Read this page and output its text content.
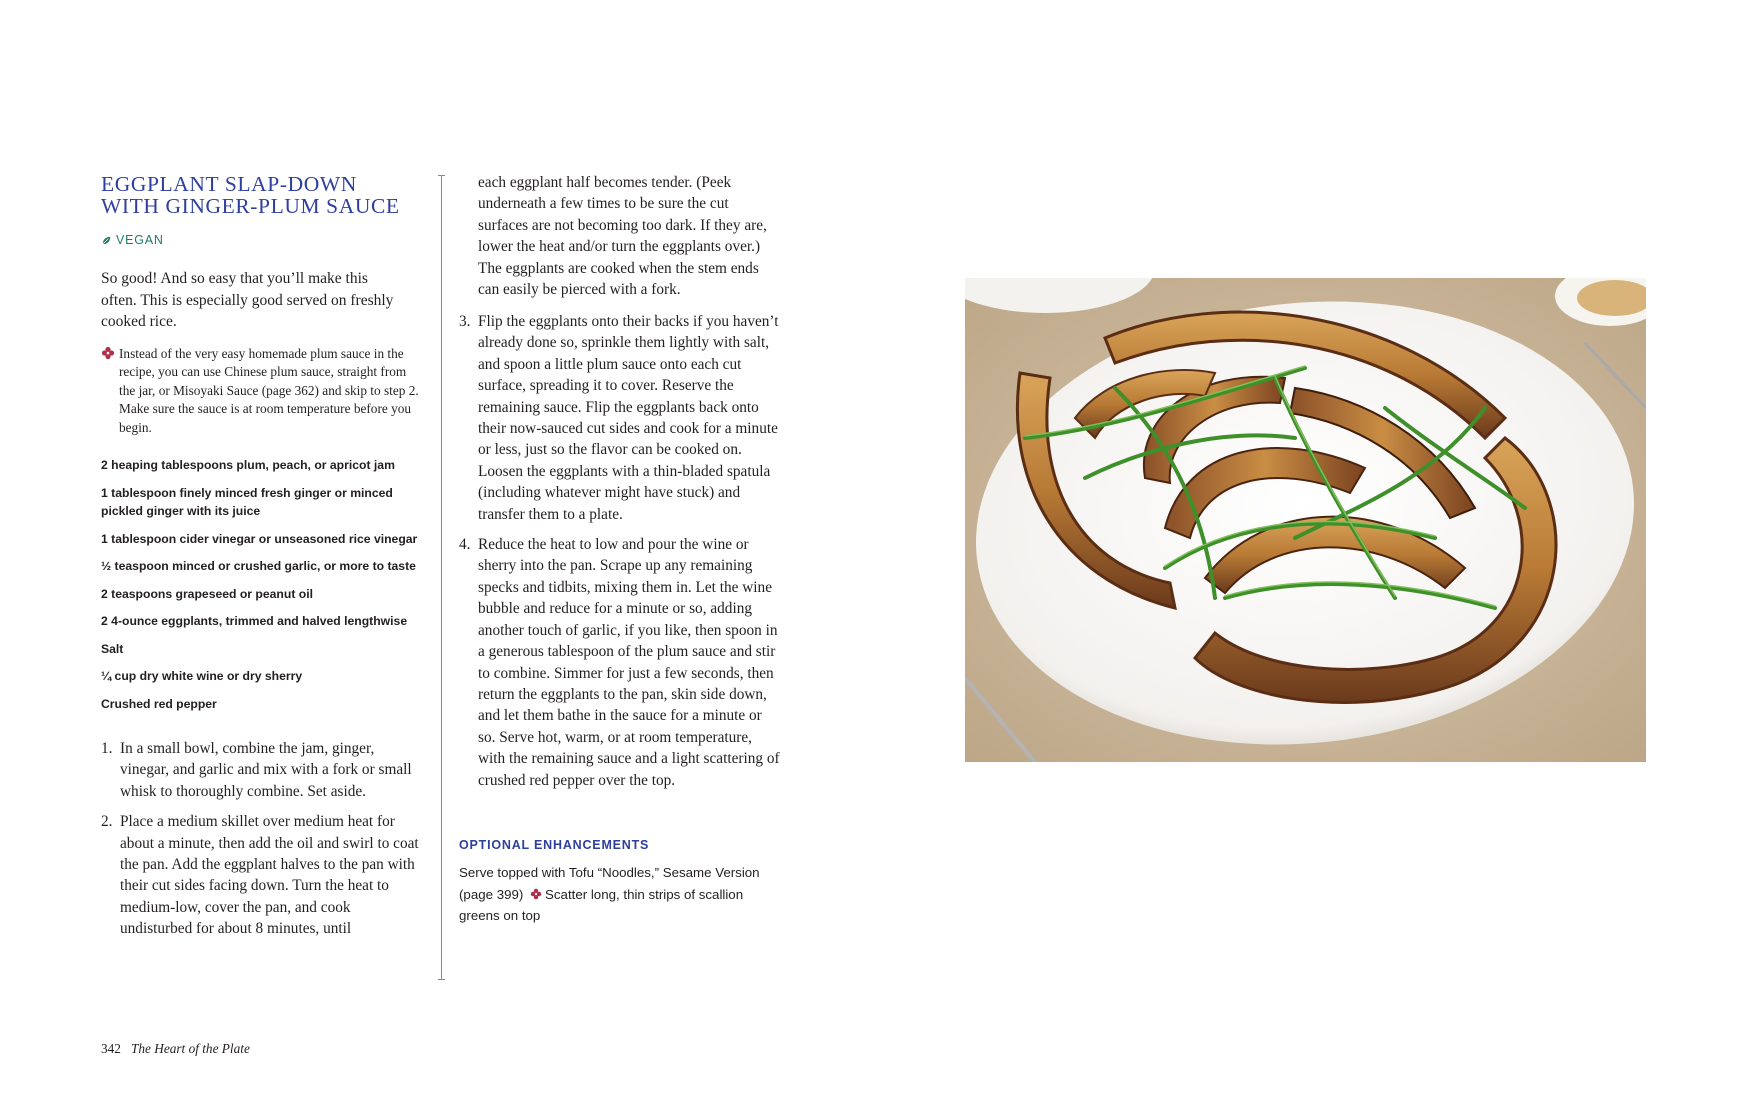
EGGPLANT SLAP-DOWN
WITH GINGER-PLUM SAUCE
VEGAN

So good! And so easy that you’ll make this often. This is especially good served on freshly cooked rice.

Instead of the very easy homemade plum sauce in the recipe, you can use Chinese plum sauce, straight from the jar, or Misoyaki Sauce (page 362) and skip to step 2. Make sure the sauce is at room temperature before you begin.

2 heaping tablespoons plum, peach, or apricot jam
1 tablespoon finely minced fresh ginger or minced pickled ginger with its juice
1 tablespoon cider vinegar or unseasoned rice vinegar
½ teaspoon minced or crushed garlic, or more to taste
2 teaspoons grapeseed or peanut oil
2 4-ounce eggplants, trimmed and halved lengthwise
Salt
¼ cup dry white wine or dry sherry
Crushed red pepper
1. In a small bowl, combine the jam, ginger, vinegar, and garlic and mix with a fork or small whisk to thoroughly combine. Set aside.
2. Place a medium skillet over medium heat for about a minute, then add the oil and swirl to coat the pan. Add the eggplant halves to the pan with their cut sides facing down. Turn the heat to medium-low, cover the pan, and cook undisturbed for about 8 minutes, until

each eggplant half becomes tender. (Peek underneath a few times to be sure the cut surfaces are not becoming too dark. If they are, lower the heat and/or turn the eggplants over.) The eggplants are cooked when the stem ends can easily be pierced with a fork.

3. Flip the eggplants onto their backs if you haven’t already done so, sprinkle them lightly with salt, and spoon a little plum sauce onto each cut surface, spreading it to cover. Reserve the remaining sauce. Flip the eggplants back onto their now-sauced cut sides and cook for a minute or less, just so the flavor can be cooked on. Loosen the eggplants with a thin-bladed spatula (including whatever might have stuck) and transfer them to a plate.
4. Reduce the heat to low and pour the wine or sherry into the pan. Scrape up any remaining specks and tidbits, mixing them in. Let the wine bubble and reduce for a minute or so, adding another touch of garlic, if you like, then spoon in a generous tablespoon of the plum sauce and stir to combine. Simmer for just a few seconds, then return the eggplants to the pan, skin side down, and let them bathe in the sauce for a minute or so. Serve hot, warm, or at room temperature, with the remaining sauce and a light scattering of crushed red pepper over the top.

OPTIONAL ENHANCEMENTS

Serve topped with Tofu “Noodles,” Sesame Version (page 399) Scatter long, thin strips of scallion greens on top

342 The Heart of the Plate
